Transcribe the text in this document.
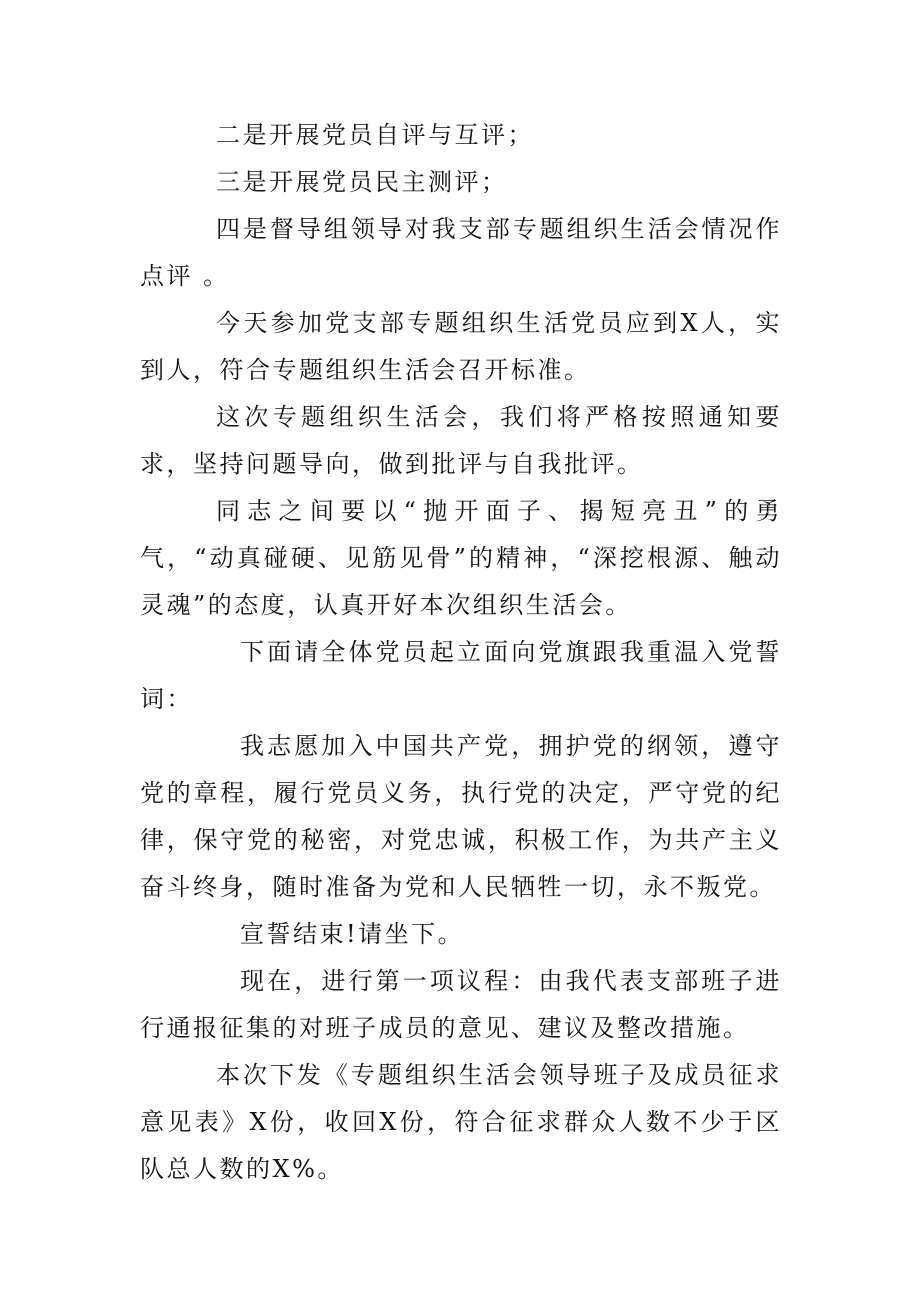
二是开展党员自评与互评；

三是开展党员民主测评；

四是督导组领导对我支部专题组织生活会情况作点评 。

今天参加党支部专题组织生活党员应到X人，实到人，符合专题组织生活会召开标准。

这次专题组织生活会，我们将严格按照通知要求，坚持问题导向，做到批评与自我批评。

同志之间要以“抛开面子、揭短亮丑”的勇气，“动真碰硬、见筋见骨”的精神，“深挖根源、触动灵魂”的态度，认真开好本次组织生活会。

下面请全体党员起立面向党旗跟我重温入党誓词：

我志愿加入中国共产党，拥护党的纲领，遵守党的章程，履行党员义务，执行党的决定，严守党的纪律，保守党的秘密，对党忠诚，积极工作，为共产主义奋斗终身，随时准备为党和人民牺牲一切，永不叛党。

宣誓结束!请坐下。

现在，进行第一项议程：由我代表支部班子进行通报征集的对班子成员的意见、建议及整改措施。

本次下发《专题组织生活会领导班子及成员征求意见表》X份，收回X份，符合征求群众人数不少于区队总人数的X%。
